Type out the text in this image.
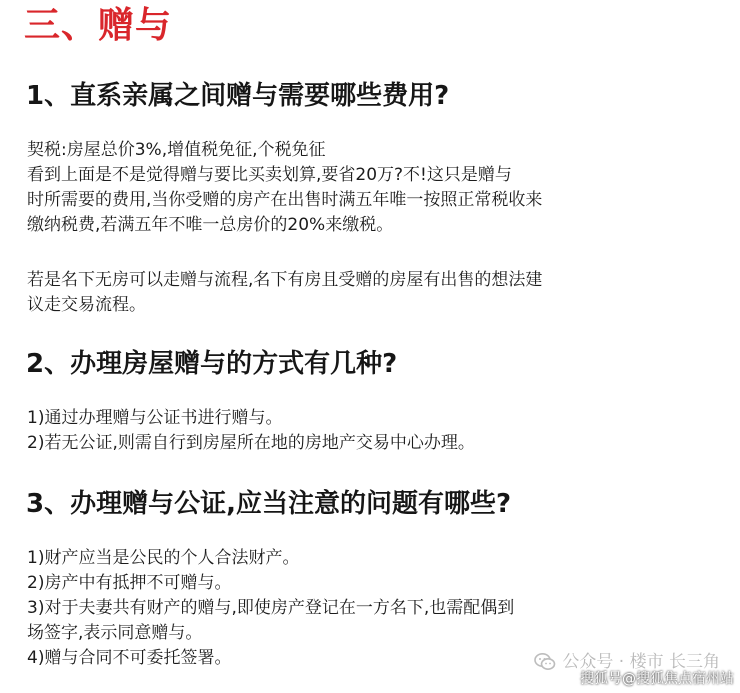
三、赠与
1、直系亲属之间赠与需要哪些费用?

契税:房屋总价3%,增值税免征,个税免征

看到上面是不是觉得赠与要比买卖划算,要省20万?不!这只是赠与

时所需要的费用,当你受赠的房产在出售时满五年唯一按照正常税收来

缴纳税费,若满五年不唯一总房价的20%来缴税。

若是名下无房可以走赠与流程,名下有房且受赠的房屋有出售的想法建

议走交易流程。

2、办理房屋赠与的方式有几种?
1)通过办理赠与公证书进行赠与。
2)若无公证,则需自行到房屋所在地的房地产交易中心办理。
3、办理赠与公证,应当注意的问题有哪些?
1)财产应当是公民的个人合法财产。
2)房产中有抵押不可赠与。
3)对于夫妻共有财产的赠与,即使房产登记在一方名下,也需配偶到
场签字,表示同意赠与。
4)赠与合同不可委托签署。	公众号 · 楼市 长三角
搜狐号@搜狐焦点宿州站
